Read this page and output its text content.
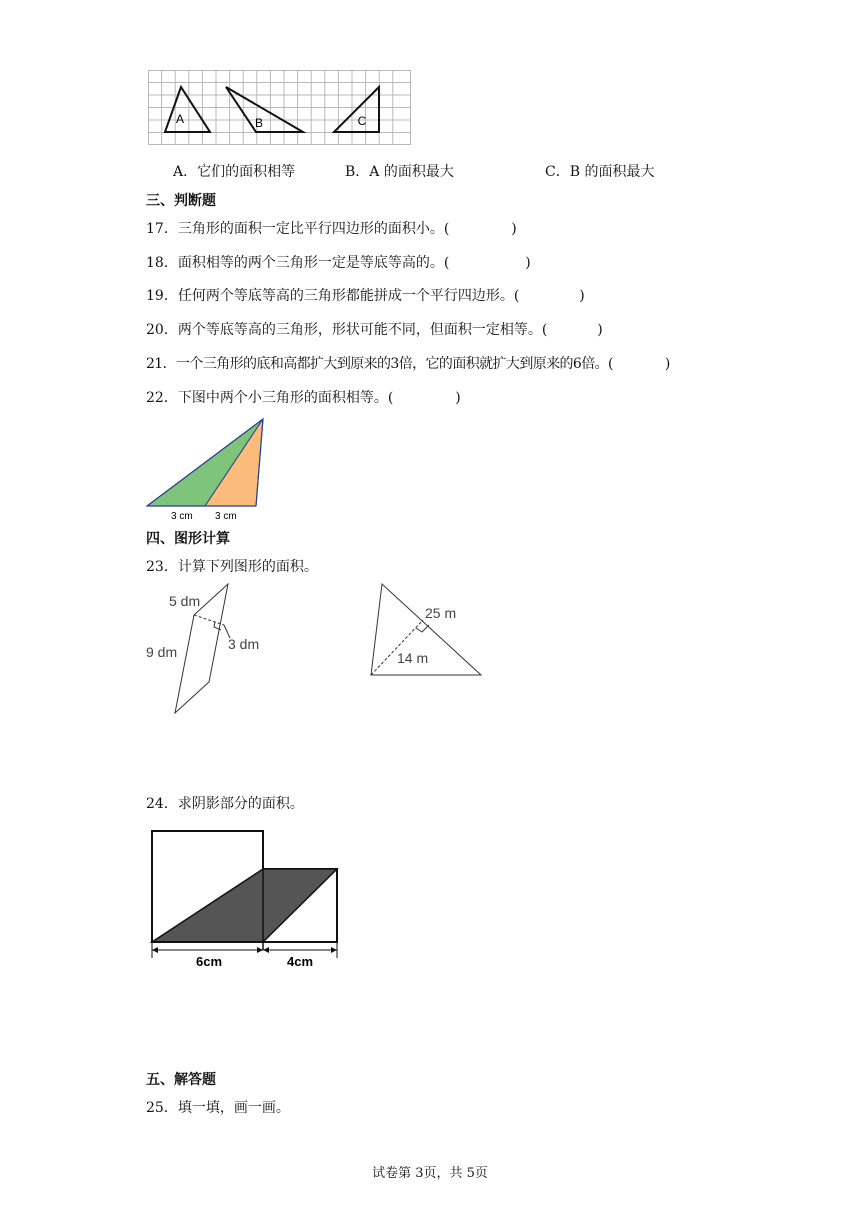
A	B	C
A．它们的面积相等	B．A 的面积最大	C．B 的面积最大
三、判断题
17．三角形的面积一定比平行四边形的面积小。(	)
18．面积相等的两个三角形一定是等底等高的。(	)
19．任何两个等底等高的三角形都能拼成一个平行四边形。(	)
20．两个等底等高的三角形，形状可能不同，但面积一定相等。(	)
21．一个三角形的底和高都扩大到原来的3倍，它的面积就扩大到原来的6倍。(	)
22．下图中两个小三角形的面积相等。(	)
3 cm 3 cm
四、图形计算
23．计算下列图形的面积。
5 dm
9 dm	3 dm
25 m
14 m
24．求阴影部分的面积。
6cm	4cm
五、解答题
25．填一填，画一画。
试卷第 3页，共 5页
